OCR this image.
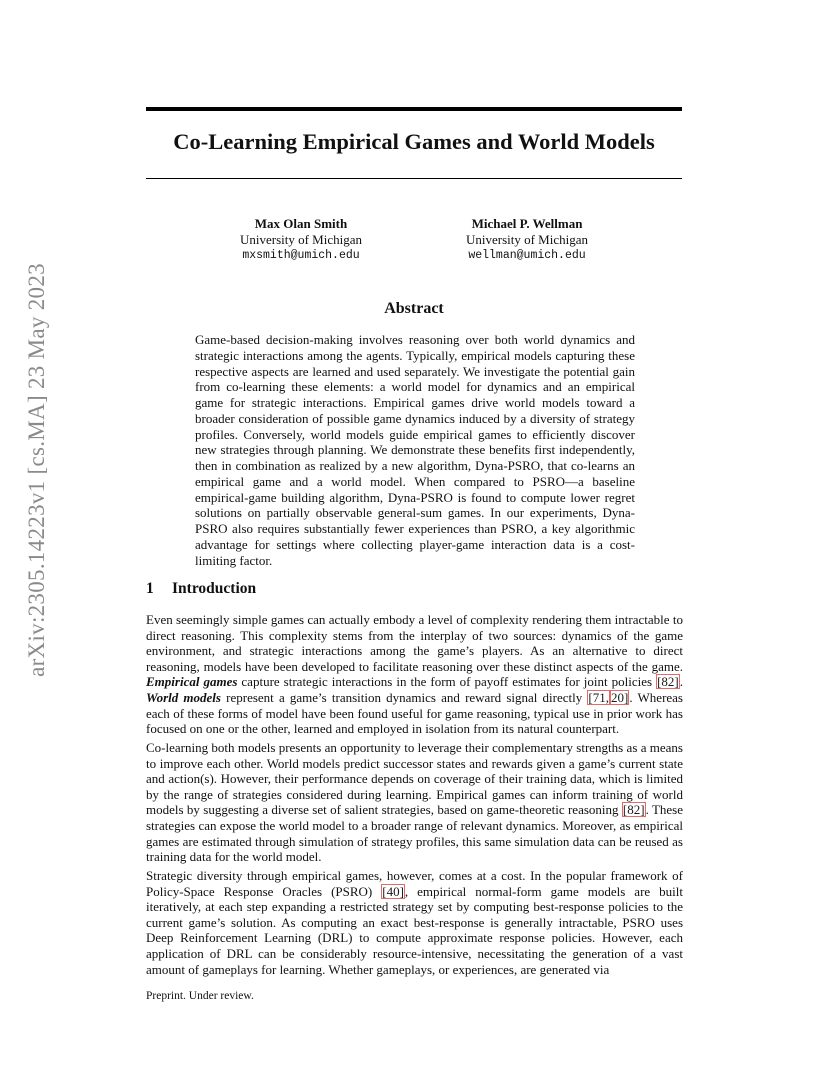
arXiv:2305.14223v1 [cs.MA] 23 May 2023
Co-Learning Empirical Games and World Models
Max Olan Smith
University of Michigan
mxsmith@umich.edu
Michael P. Wellman
University of Michigan
wellman@umich.edu
Abstract

Game-based decision-making involves reasoning over both world dynamics and strategic interactions among the agents. Typically, empirical models capturing these respective aspects are learned and used separately. We investigate the potential gain from co-learning these elements: a world model for dynamics and an empirical game for strategic interactions. Empirical games drive world models toward a broader consideration of possible game dynamics induced by a diversity of strategy profiles. Conversely, world models guide empirical games to efficiently discover new strategies through planning. We demonstrate these benefits first independently, then in combination as realized by a new algorithm, Dyna-PSRO, that co-learns an empirical game and a world model. When compared to PSRO—a baseline empirical-game building algorithm, Dyna-PSRO is found to compute lower regret solutions on partially observable general-sum games. In our experiments, Dyna-PSRO also requires substantially fewer experiences than PSRO, a key algorithmic advantage for settings where collecting player-game interaction data is a cost-limiting factor.

1 Introduction

Even seemingly simple games can actually embody a level of complexity rendering them intractable to direct reasoning. This complexity stems from the interplay of two sources: dynamics of the game environment, and strategic interactions among the game’s players. As an alternative to direct reasoning, models have been developed to facilitate reasoning over these distinct aspects of the game. Empirical games capture strategic interactions in the form of payoff estimates for joint policies [82]. World models represent a game’s transition dynamics and reward signal directly [71, 20]. Whereas each of these forms of model have been found useful for game reasoning, typical use in prior work has focused on one or the other, learned and employed in isolation from its natural counterpart.

Co-learning both models presents an opportunity to leverage their complementary strengths as a means to improve each other. World models predict successor states and rewards given a game’s current state and action(s). However, their performance depends on coverage of their training data, which is limited by the range of strategies considered during learning. Empirical games can inform training of world models by suggesting a diverse set of salient strategies, based on game-theoretic reasoning [82]. These strategies can expose the world model to a broader range of relevant dynamics. Moreover, as empirical games are estimated through simulation of strategy profiles, this same simulation data can be reused as training data for the world model.

Strategic diversity through empirical games, however, comes at a cost. In the popular framework of Policy-Space Response Oracles (PSRO) [40], empirical normal-form game models are built iteratively, at each step expanding a restricted strategy set by computing best-response policies to the current game’s solution. As computing an exact best-response is generally intractable, PSRO uses Deep Reinforcement Learning (DRL) to compute approximate response policies. However, each application of DRL can be considerably resource-intensive, necessitating the generation of a vast amount of gameplays for learning. Whether gameplays, or experiences, are generated via

Preprint. Under review.
